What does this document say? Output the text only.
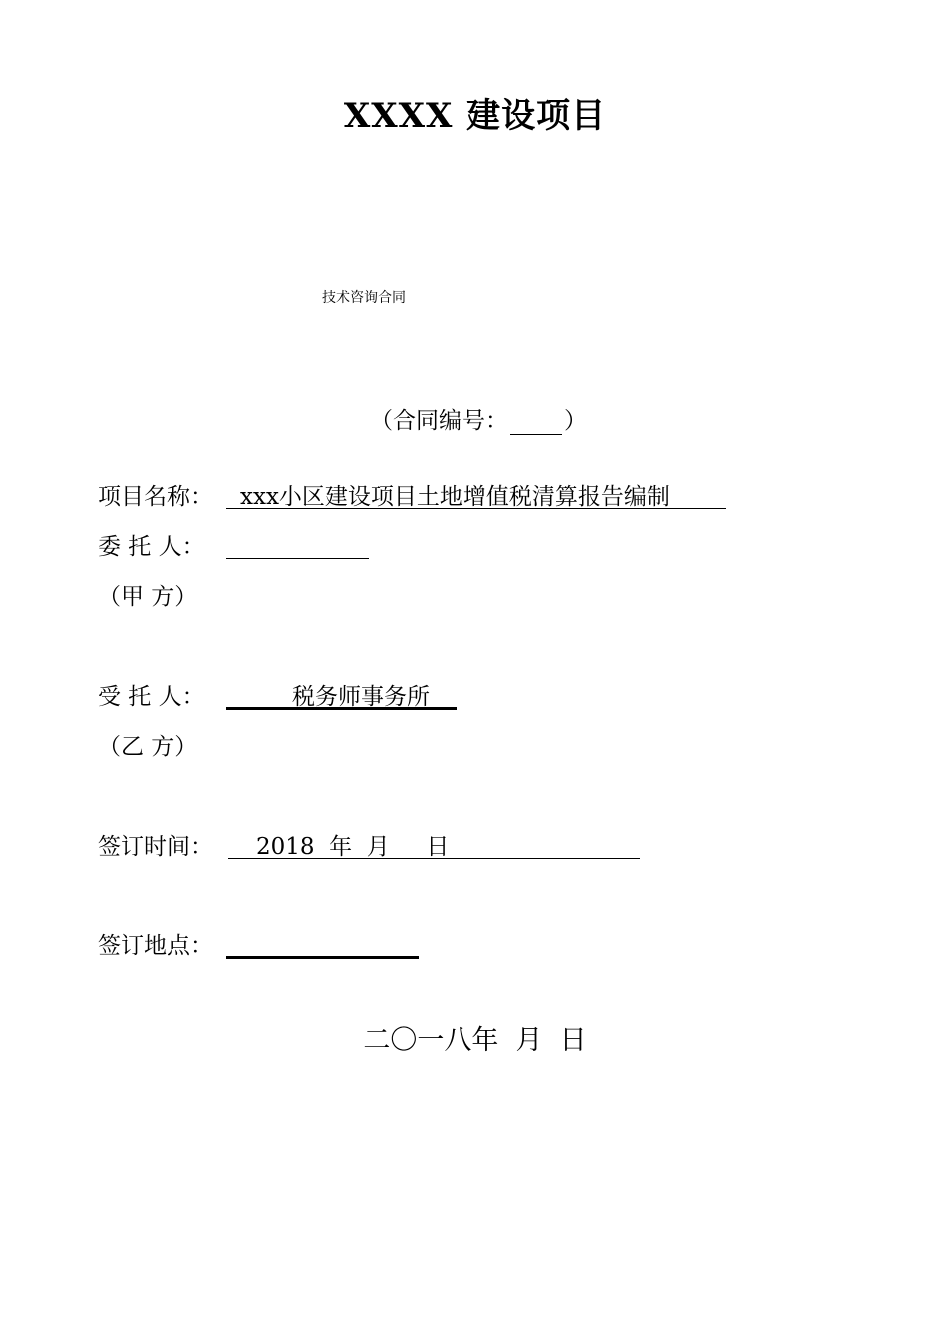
XXXX 建设项目
技术咨询合同
（合同编号： ）
项目名称： xxx小区建设项目土地增值税清算报告编制
委 托 人：
（甲 方）
受 托 人：	税务师事务所
（乙 方）
签订时间： 2018  年  月     日
签订地点：
二〇一八年  月  日
